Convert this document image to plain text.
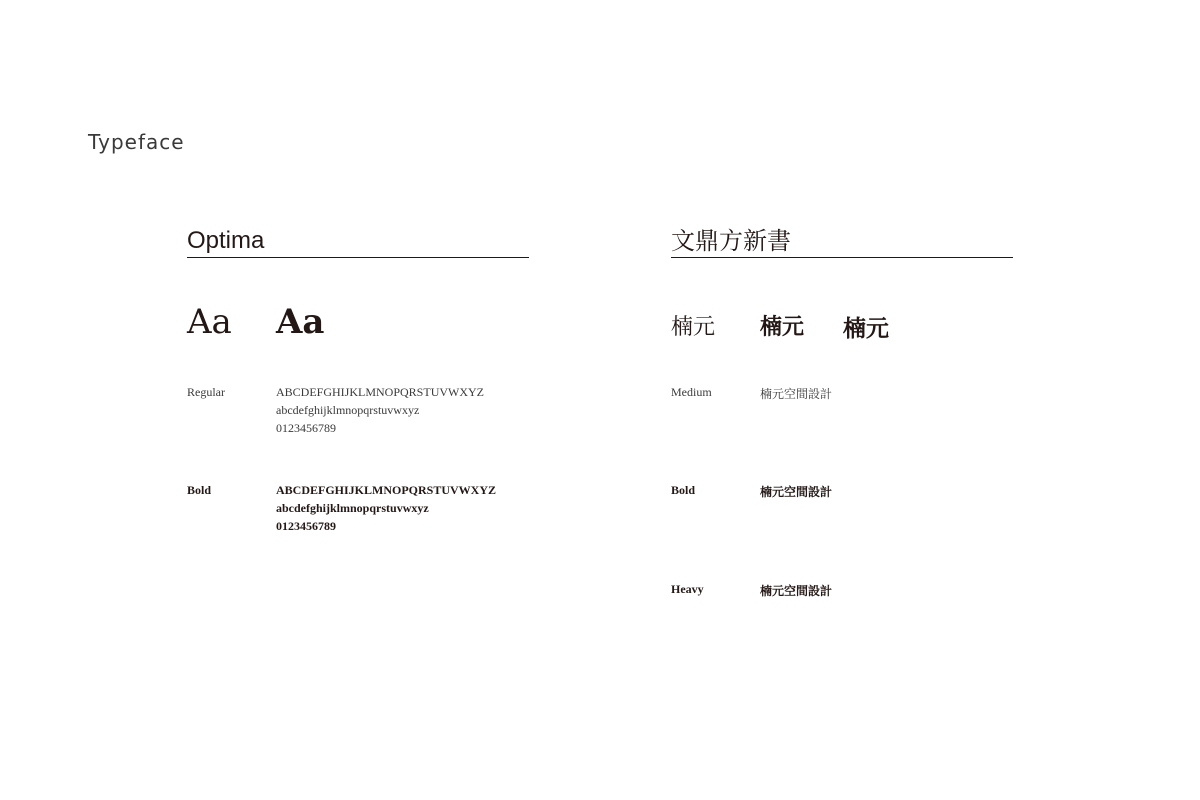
Typeface
Optima
Aa Aa
Regular	ABCDEFGHIJKLMNOPQRSTUVWXYZ
abcdefghijklmnopqrstuvwxyz
0123456789
Bold	ABCDEFGHIJKLMNOPQRSTUVWXYZ
abcdefghijklmnopqrstuvwxyz
0123456789
文鼎方新書
楠元 楠元 楠元
Medium	楠元空間設計
Bold	楠元空間設計
Heavy	楠元空間設計
